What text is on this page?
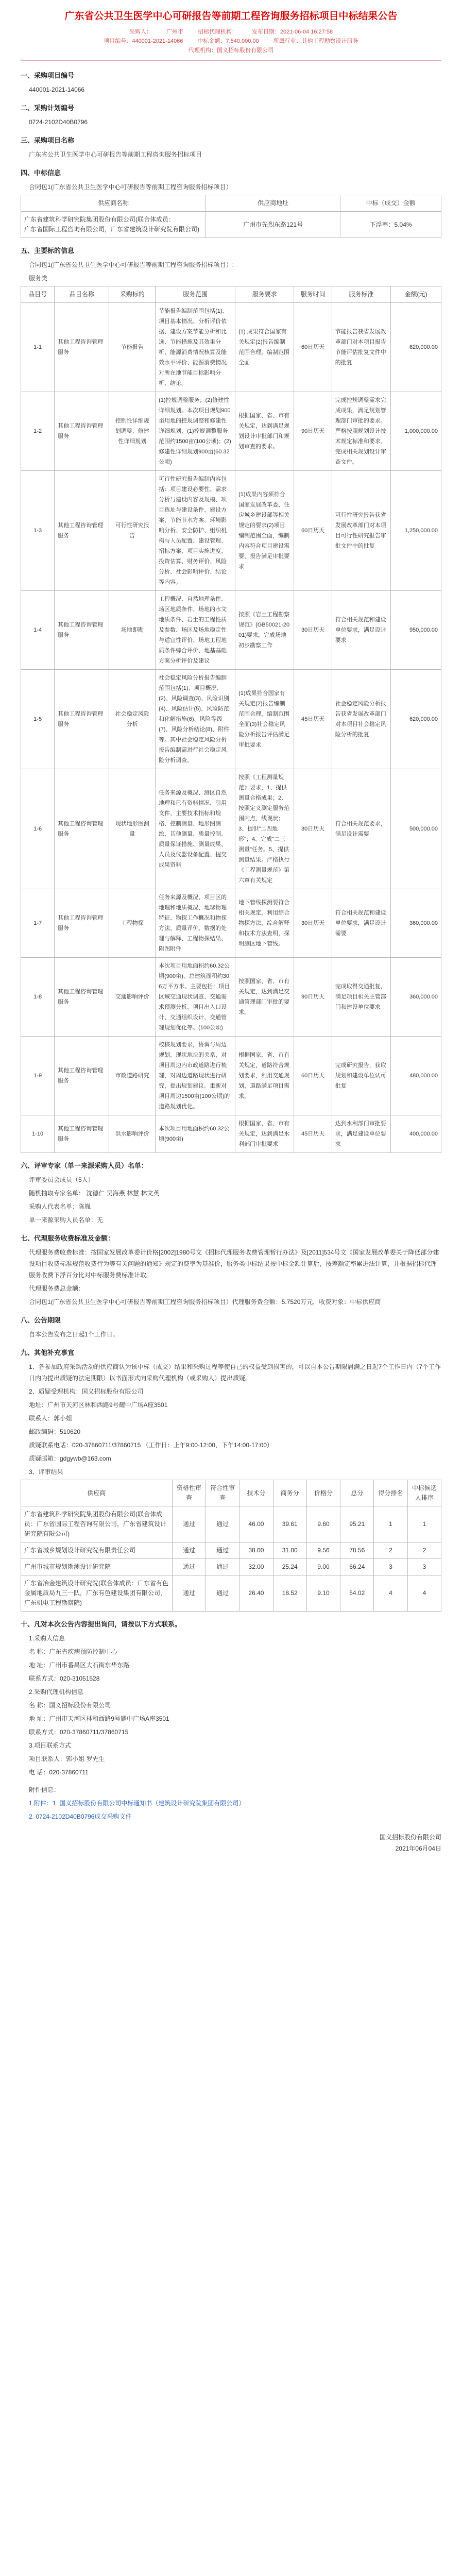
广东省公共卫生医学中心可研报告等前期工程咨询服务招标项目中标结果公告
采购人：	广州市	招标代理机构：	发布日期：2021-06-04 16:27:58
项目编号：440001-2021-14066	中标金额：7,540,000.00	所属行业：其他工程勘察设计服务
代理机构：国义招标股份有限公司
一、采购项目编号

440001-2021-14066

二、采购计划编号

0724-2102D40B0796

三、采购项目名称

广东省公共卫生医学中心可研报告等前期工程咨询服务招标项目

四、中标信息

合同包1(广东省公共卫生医学中心可研报告等前期工程咨询服务招标项目）

供应商名称	供应商地址	中标（成交）金额
广东省建筑科学研究院集团股份有限公司(联合体成员：
广东省国际工程咨询有限公司，广东省建筑设计研究院有限公司)	广州市先烈东路121号	下浮率：5.04%
五、主要标的信息

合同包1(广东省公共卫生医学中心可研报告等前期工程咨询服务招标项目）:

服务类

品目号	品目名称	采购标的	服务范围	服务要求	服务时间	服务标准	金额(元)
1-1	其他工程咨询管理服务	节能报告	节能报告编制范围包括(1)、项目基本情况、分析评价依据、建设方案节能分析和比选、节能措施及其效果分析、能源消费情况核算及能效水平评价、能源消费情况对所在地节能目标影响分析、结论。	(1) 成果符合国家有关规定(2)报告编制范围合理，编制范围全面	60日历天	节能报告获省发展改革部门对本项目报告节能评估批复文件中的批复	620,000.00
1-2	其他工程咨询管理服务	控制性详细规划调整、修建性详细规划	(1)控规调整服务；(2)修建性详细规划。本次项目规划900亩用地的控规调整和修建性详细规划、(1)控规调整服务范围约1500亩(100公顷)；(2)修建性详细规划900亩(60.32公顷)	根据国家、省、市有关规定，达到满足规划设计审批部门和规划审查的要求。	90日历天	完成控规调整需求完成成果，满足规划管理部门审批的要求。严格按照规划设计技术规定标准和要求。完成相关规划设计审查文件。	1,000,000.00
1-3	其他工程咨询管理服务	可行性研究报告	可行性研究报告编制内容包括：项目建设必要性、需求分析与建设内容及规模、项目选址与建设条件、建设方案、节能节水方案、环境影响分析、安全防护、组织机构与人员配置、建设管理、招标方案、项目实施进度、投资估算、财务评价、风险分析、社会影响评价、结论等内容。	(1)成果内容须符合国家发展改革委、住房城乡建设部等相关规定的要求(2)项目编制范围全面，编制内容符合项目建设需要，报告满足审批要求	60日历天	可行性研究报告获省发展改革部门对本项目可行性研究报告审批文件中的批复	1,250,000.00
1-4	其他工程咨询管理服务	场地即勘	工程概况、自然地理条件、场区地质条件、场地的水文地质条件、岩土的工程性质及参数、场区及场地稳定性与适宜性评价、场地工程地质条件综合评价、地基基础方案分析评价及建议	按照《岩土工程勘察规范》(GB50021-2001)要求，完成场地初步勘察工作	30日历天	符合相关规范和建设单位要求，满足设计要求	950,000.00
1-5	其他工程咨询管理服务	社会稳定风险分析	社会稳定风险分析报告编制范围包括(1)、项目概况、(2)、风险调查(3)、风险识别(4)、风险估计(5)、风险防范和化解措施(6)、风险等级(7)、风险分析结论(8)、附件等。其中社会稳定风险分析报告编制需进行社会稳定风险分析调查。	(1)成果符合国家有关规定(2)报告编制范围合理，编制范围全面(3)社会稳定风险分析报告评估满足审批要求	45日历天	社会稳定风险分析报告获省发展改革部门对本项目社会稳定风险分析的批复	620,000.00
1-6	其他工程咨询管理服务	现状地形图测量	任务来源及概况、测区自然地理和已有资料情况、引用文件、主要技术指标和规格、控制测量、地形图测绘、其他测量、质量控制、质量保证措施、测量成果、人员及仪器设备配置、提交成果资料	按照《工程测量规范》要求，1、提供测量合格成果；2、按照定义测定服务范围内点、线现状；3、提供"二四地形"；4、完成"二三测量"任务。5、提供测量结果。严格执行《工程测量规范》第六章有关规定	30日历天	符合相关规范要求，满足设计需要	500,000.00
1-7	其他工程咨询管理服务	工程物探	任务来源及概况、项目区的地理和地质概况、地球物理特征、物探工作概况和物探方法、质量评价、数据的处理与解释、工程物探结果、附图附件	地下管线探测要符合相关规定，利用综合物探方法，综合解释和技术方法查明，探明测区地下管线。	30日历天	符合相关规范和建设单位要求，满足设计需要	360,000.00
1-8	其他工程咨询管理服务	交通影响评价	本次项目用地面积约60.32公顷(900亩)，总建筑面积约30.6万平方米。主要包括：项目区域交通现状调查、交通需求预测分析、项目出入口设计、交通组织设计、交通管理规划优化等。(100公顷)	按照国家、省、市有关规定，达到满足交通管理部门审批的要求。	90日历天	完成取得交通批复，满足项目相关主管部门和建设单位要求	360,000.00
1-9	其他工程咨询管理服务	市政道路研究	校核规划要求，协调与周边规划、现状地块的关系，对项目周边内市政道路进行梳理，对周边道路现状进行研究，提出规划建议。重新对项目周边1500亩(100公顷)的道路规划优化。	根据国家、省、市有关规定，道路符合规划要求，利用交通规划，道路满足项目需求。	60日历天	完成研究报告，获取规划和建设单位认可批复	480,000.00
1-10	其他工程咨询管理服务	洪水影响评价	本次项目用地面积约60.32公顷(900亩)	根据国家、省、市有关规定，达到满足水利部门审批要求	45日历天	达到水利部门审批要求，满足建设单位要求	400,000.00
六、评审专家（单一来源采购人员）名单：

评审委员会成员（5人）

随机抽取专家名单： 沈德仁 吴海燕 林慧 林文英

采购人代表名单：陈胤

单一来源采购人员名单：无

七、代理服务收费标准及金额：

代理服务费收费标准：按国家发展改革委计价格[2002]1980号文《招标代理服务收费管理暂行办法》及[2011]534号文《国家发展改革委关于降低部分建设项目收费标准规范收费行为等有关问题的通知》规定的费率为基准价，服务类中标结果按中标金额计算后，按差额定率累进法计算，并根据招标代理服务收费下浮百分比对中标服务费标准计取。

代理服务费总金额：

合同包1(广东省公共卫生医学中心可研报告等前期工程咨询服务招标项目）代理服务费金额：5.7520万元，收费对象：中标供应商

八、公告期限

自本公告发布之日起1个工作日。

九、其他补充事宜

1、各参加政府采购活动的供应商认为该中标（成交）结果和采购过程等使自己的权益受到损害的，可以自本公告期限届满之日起7个工作日内（7个工作日内为提出质疑的法定期限）以书面形式向采购代理机构（或采购人）提出质疑。

2、质疑受理机构：国义招标股份有限公司

地址：广州市天河区林和西路9号耀中广场A座3501

联系人：郭小姐

邮政编码：510620

质疑联系电话：020-37860711/37860715 （工作日：上午9:00-12:00，下午14:00-17:00）

质疑邮箱：gdgywb@163.com

3、评审结果

供应商	资格性审查	符合性审查	技术分	商务分	价格分	总分	得分排名	中标候选人排序
广东省建筑科学研究院集团股份有限公司(联合体成员：广东省国际工程咨询有限公司，广东省建筑设计研究院有限公司)	通过	通过	46.00	39.61	9.60	95.21	1	1
广东省城乡规划设计研究院有限责任公司	通过	通过	38.00	31.00	9.56	78.56	2	2
广州市城市规划勘测设计研究院	通过	通过	32.00	25.24	9.00	66.24	3	3
广东省冶金建筑设计研究院(联合体成员：广东省有色金属地质局九三一队，广东有色建设集团有限公司，广东机电工程勘察院)	通过	通过	26.40	18.52	9.10	54.02	4	4
十、凡对本次公告内容提出询问，请按以下方式联系。

1.采购人信息

名 称：广东省疾病预防控制中心

地 址：广州市番禺区大石街东华东路

联系方式：020-31051528

2.采购代理机构信息

名 称：国义招标股份有限公司

地 址：广州市天河区林和西路9号耀中广场A座3501

联系方式：020-37860711/37860715

3.项目联系方式

项目联系人：郭小姐 罗先生

电 话：020-37860711

附件信息：

1.附件：1. 国义招标股份有限公司中标通知书（建筑设计研究院集团有限公司）

2. 0724-2102D40B0796成交采购文件

国义招标股份有限公司
2021年06月04日
